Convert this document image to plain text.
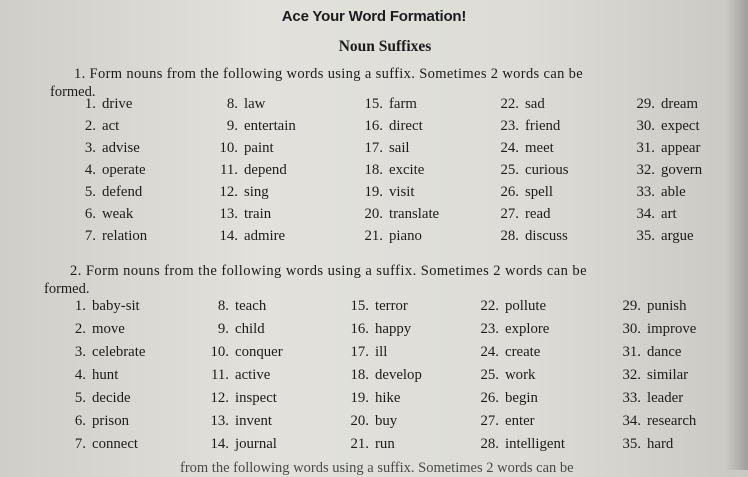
Ace Your Word Formation!
Noun Suffixes
1. Form nouns from the following words using a suffix. Sometimes 2 words can be
formed.
1. drive
2. act
3. advise
4. operate
5. defend
6. weak
7. relation
8. law
9. entertain
10. paint
11. depend
12. sing
13. train
14. admire
15. farm
16. direct
17. sail
18. excite
19. visit
20. translate
21. piano
22. sad
23. friend
24. meet
25. curious
26. spell
27. read
28. discuss
29. dream
30. expect
31. appear
32. govern
33. able
34. art
35. argue
2. Form nouns from the following words using a suffix. Sometimes 2 words can be
formed.
1. baby-sit
2. move
3. celebrate
4. hunt
5. decide
6. prison
7. connect
8. teach
9. child
10. conquer
11. active
12. inspect
13. invent
14. journal
15. terror
16. happy
17. ill
18. develop
19. hike
20. buy
21. run
22. pollute
23. explore
24. create
25. work
26. begin
27. enter
28. intelligent
29. punish
30. improve
31. dance
32. similar
33. leader
34. research
35. hard
from the following words using a suffix. Sometimes 2 words can be
